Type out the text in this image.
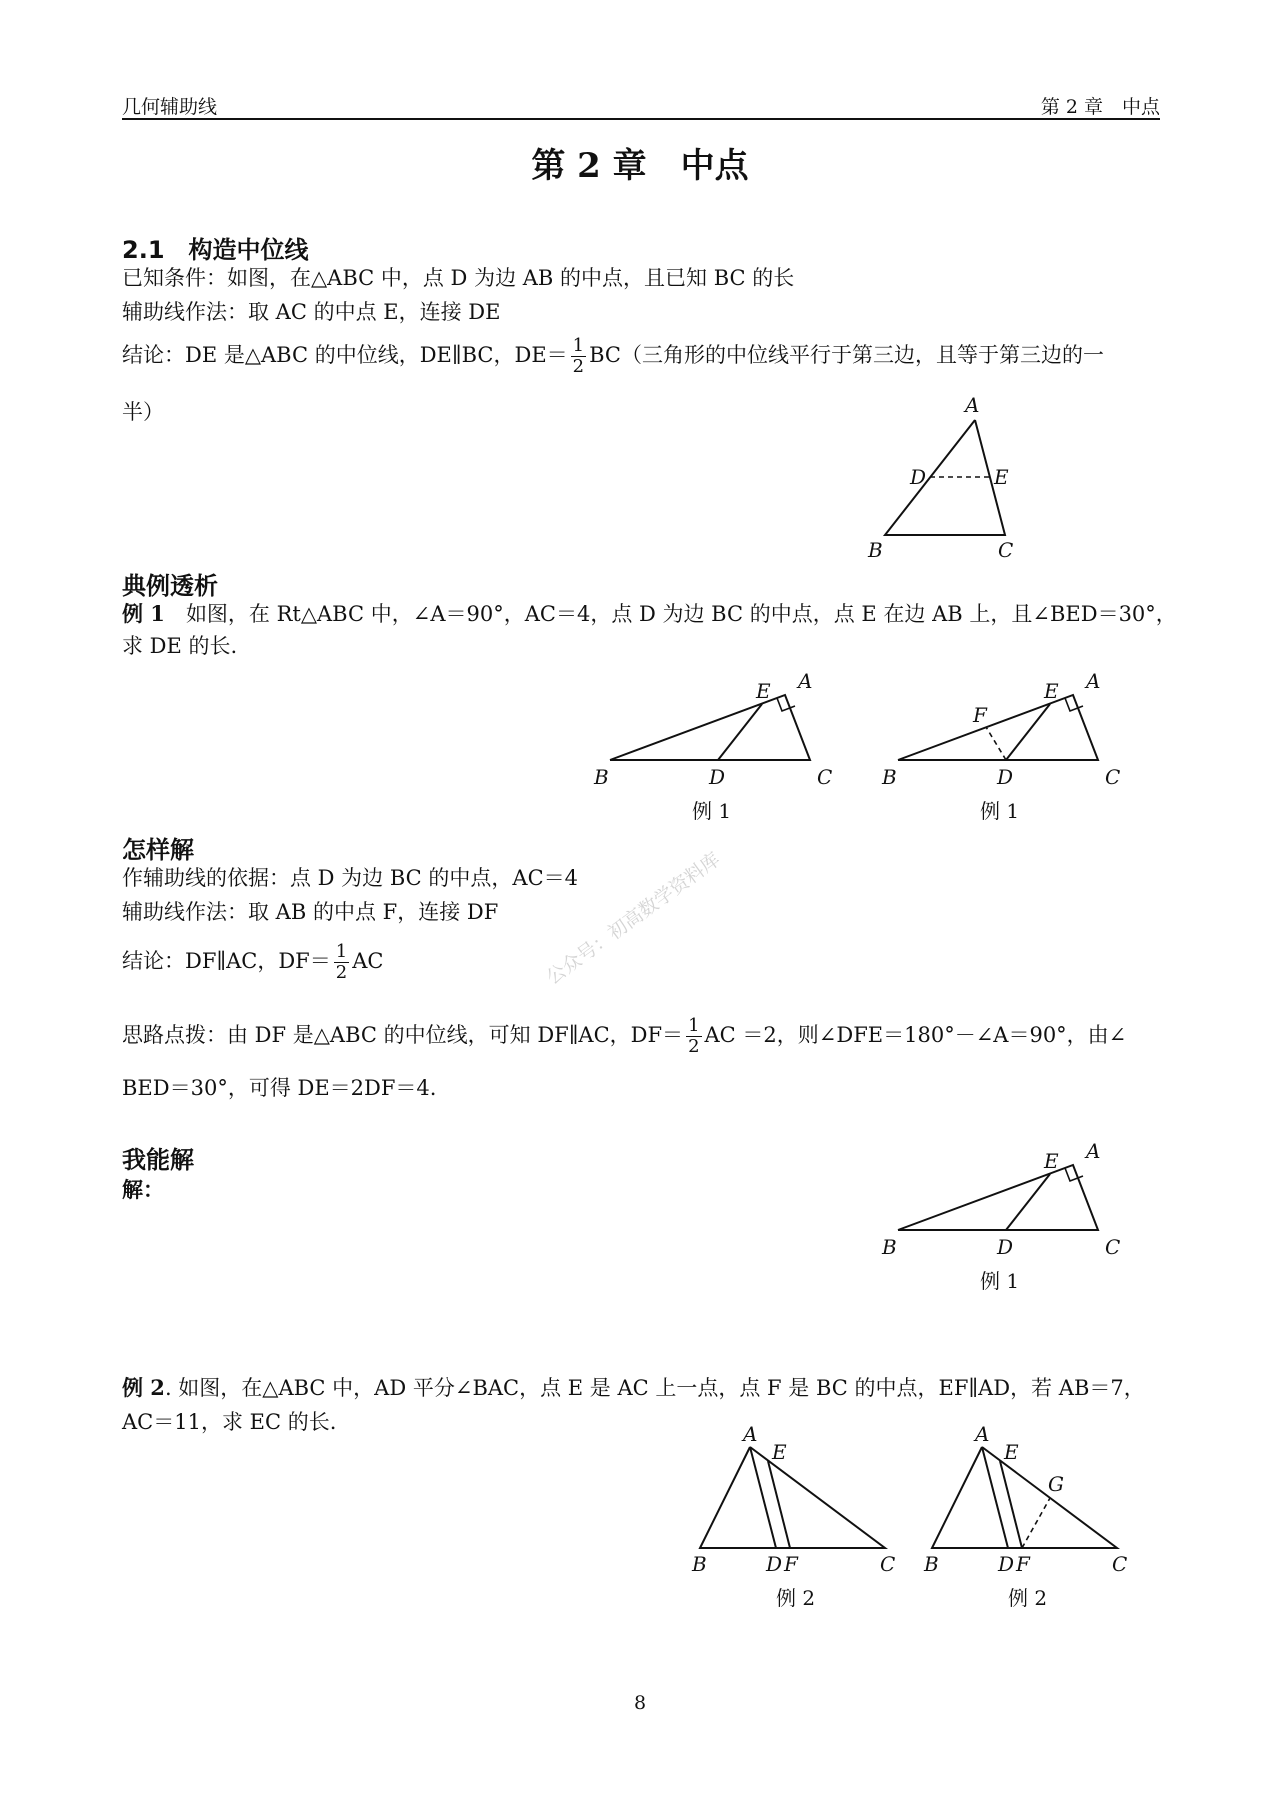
几何辅助线	第 2 章　中点
第 2 章　中点
2.1　构造中位线
已知条件：如图，在△ABC 中，点 D 为边 AB 的中点，且已知 BC 的长
辅助线作法：取 AC 的中点 E，连接 DE
结论：DE 是△ABC 的中位线，DE∥BC，$DE= \frac{1}{2} BC$（三角形的中位线平行于第三边，且等于第三边的一
半）	A
D	E
B	C
典例透析
例 1　 如图，在 Rt△ABC 中，∠A＝90°，AC＝4，点 D 为边 BC 的中点，点 E 在边 AB 上，且∠BED＝30°，
求 DE 的长.
A
E
B	D	C
例 1
A
E
F
B	D	C
例 1
怎样解
作辅助线的依据：点 D 为边 BC 的中点，AC＝4
辅助线作法：取 AB 的中点 F，连接 DF
结论：DF∥AC，$DF= \frac{1}{2}$ AC
思路点拨：由 DF 是△ABC 的中位线，可知 DF∥AC，$DF= \frac{1}{2}$ AC ＝2，则∠DFE＝180°－∠A＝90°，由∠
BED＝30°，可得 DE＝2DF＝4.
公众号：初高数学资料库
我能解
解：
A
E
B	D	C
例 1
例 2. 如图，在△ABC 中，AD 平分∠BAC，点 E 是 AC 上一点，点 F 是 BC 的中点，EF∥AD，若 AB＝7，
AC＝11，求 EC 的长.	A
E
B	D F	C
例 2
A
E
G
B	D F	C
例 2
8
